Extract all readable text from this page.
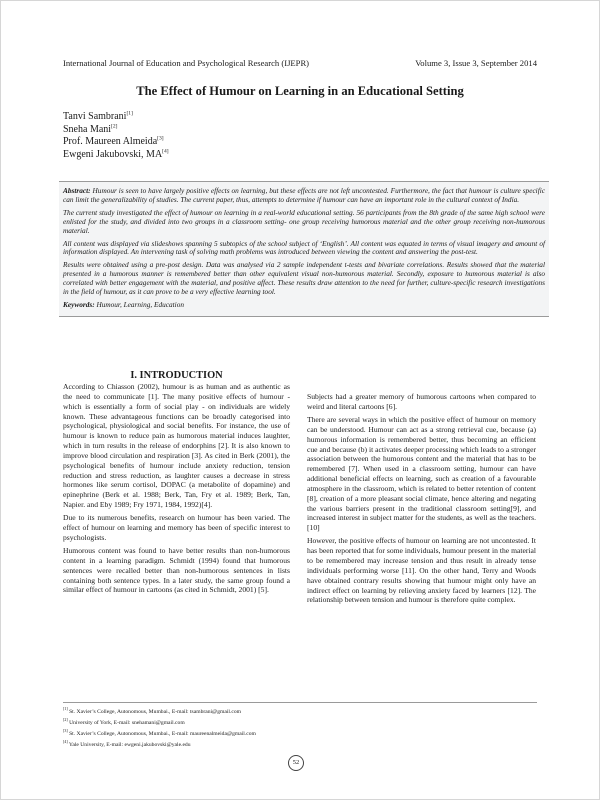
International Journal of Education and Psychological Research (IJEPR)	Volume 3, Issue 3, September 2014
The Effect of Humour on Learning in an Educational Setting
Tanvi Sambrani[1]
Sneha Mani[2]
Prof. Maureen Almeida[3]
Ewgeni Jakubovski, MA[4]

Abstract: Humour is seen to have largely positive effects on learning, but these effects are not left uncontested. Furthermore, the fact that humour is culture specific can limit the generalizability of studies. The current paper, thus, attempts to determine if humour can have an important role in the cultural context of India.

The current study investigated the effect of humour on learning in a real-world educational setting. 56 participants from the 8th grade of the same high school were enlisted for the study, and divided into two groups in a classroom setting- one group receiving humorous material and the other group receiving non-humorous material.

All content was displayed via slideshows spanning 5 subtopics of the school subject of ‘English’. All content was equated in terms of visual imagery and amount of information displayed. An intervening task of solving math problems was introduced between viewing the content and answering the post-test.

Results were obtained using a pre-post design. Data was analysed via 2 sample independent t-tests and bivariate correlations. Results showed that the material presented in a humorous manner is remembered better than other equivalent visual non-humorous material. Secondly, exposure to humorous material is also correlated with better engagement with the material, and positive affect. These results draw attention to the need for further, culture-specific research investigations in the field of humour, as it can prove to be a very effective learning tool.

Keywords: Humour, Learning, Education

I. INTRODUCTION

According to Chiasson (2002), humour is as human and as authentic as the need to communicate [1]. The many positive effects of humour - which is essentially a form of social play - on individuals are widely known. These advantageous functions can be broadly categorised into psychological, physiological and social benefits. For instance, the use of humour is known to reduce pain as humorous material induces laughter, which in turn results in the release of endorphins [2]. It is also known to improve blood circulation and respiration [3]. As cited in Berk (2001), the psychological benefits of humour include anxiety reduction, tension reduction and stress reduction, as laughter causes a decrease in stress hormones like serum cortisol, DOPAC (a metabolite of dopamine) and epinephrine (Berk et al. 1988; Berk, Tan, Fry et al. 1989; Berk, Tan, Napier. and Eby 1989; Fry 1971, 1984, 1992)[4].

Due to its numerous benefits, research on humour has been varied. The effect of humour on learning and memory has been of specific interest to psychologists.

Humorous content was found to have better results than non-humorous content in a learning paradigm. Schmidt (1994) found that humorous sentences were recalled better than non-humorous sentences in lists containing both sentence types. In a later study, the same group found a similar effect of humour in cartoons (as cited in Schmidt, 2001) [5].

Subjects had a greater memory of humorous cartoons when compared to weird and literal cartoons [6].

There are several ways in which the positive effect of humour on memory can be understood. Humour can act as a strong retrieval cue, because (a) humorous information is remembered better, thus becoming an efficient cue and because (b) it activates deeper processing which leads to a stronger association between the humorous content and the material that has to be remembered [7]. When used in a classroom setting, humour can have additional beneficial effects on learning, such as creation of a favourable atmosphere in the classroom, which is related to better retention of content [8], creation of a more pleasant social climate, hence altering and negating the various barriers present in the traditional classroom setting[9], and increased interest in subject matter for the students, as well as the teachers.[10]

However, the positive effects of humour on learning are not uncontested. It has been reported that for some individuals, humour present in the material to be remembered may increase tension and thus result in already tense individuals performing worse [11]. On the other hand, Terry and Woods have obtained contrary results showing that humour might only have an indirect effect on learning by relieving anxiety faced by learners [12]. The relationship between tension and humour is therefore quite complex.

[1] St. Xavier’s College, Autonomous, Mumbai., E-mail: tsambrani@gmail.com
[2] University of York, E-mail: snehamani@gmail.com
[3] St. Xavier’s College, Autonomous, Mumbai., E-mail: maureenalmeida@gmail.com
[4] Yale University, E-mail: ewgeni.jakubovski@yale.edu
52
